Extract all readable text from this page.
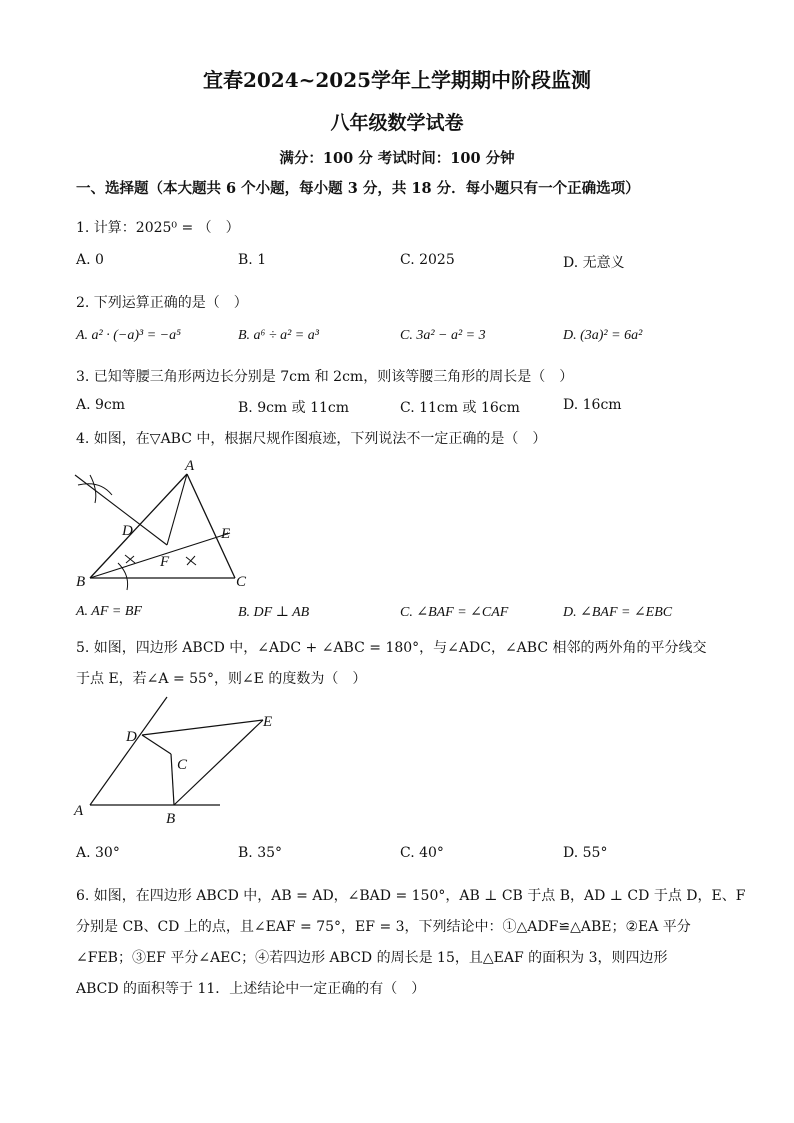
宜春2024~2025学年上学期期中阶段监测
八年级数学试卷
满分：100 分 考试时间：100 分钟
一、选择题（本大题共 6 个小题，每小题 3 分，共 18 分．每小题只有一个正确选项）
1. 计算：2025⁰ = （　）
A. 0	B. 1	C. 2025	D. 无意义
2. 下列运算正确的是（　）
A. a² · (−a)³ = −a⁵	B. a⁶ ÷ a² = a³	C. 3a² − a² = 3	D. (3a)² = 6a²
3. 已知等腰三角形两边长分别是 7cm 和 2cm，则该等腰三角形的周长是（　）
A. 9cm	B. 9cm 或 11cm	C. 11cm 或 16cm	D. 16cm
4. 如图，在▽ABC 中，根据尺规作图痕迹，下列说法不一定正确的是（　）
A
B	C
D	E
F
A. AF = BF	B. DF ⊥ AB	C. ∠BAF = ∠CAF	D. ∠BAF = ∠EBC
5. 如图，四边形 ABCD 中，∠ADC + ∠ABC = 180°，与∠ADC，∠ABC 相邻的两外角的平分线交
于点 E，若∠A = 55°，则∠E 的度数为（　）
A	B
C
D
E
A. 30°	B. 35°	C. 40°	D. 55°
6. 如图，在四边形 ABCD 中，AB = AD，∠BAD = 150°，AB ⊥ CB 于点 B，AD ⊥ CD 于点 D，E、F
分别是 CB、CD 上的点，且∠EAF = 75°，EF = 3，下列结论中：①△ADF≌△ABE；②EA 平分
∠FEB；③EF 平分∠AEC；④若四边形 ABCD 的周长是 15，且△EAF 的面积为 3，则四边形
ABCD 的面积等于 11．上述结论中一定正确的有（　）
